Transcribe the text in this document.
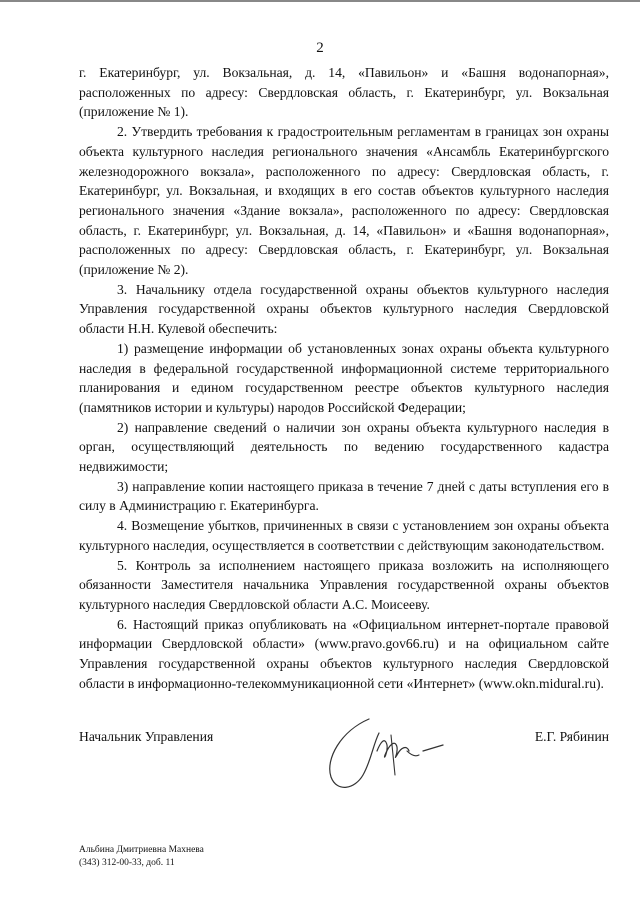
2

г. Екатеринбург, ул. Вокзальная, д. 14, «Павильон» и «Башня водонапорная», расположенных по адресу: Свердловская область, г. Екатеринбург, ул. Вокзальная (приложение № 1).

2. Утвердить требования к градостроительным регламентам в границах зон охраны объекта культурного наследия регионального значения «Ансамбль Екатеринбургского железнодорожного вокзала», расположенного по адресу: Свердловская область, г. Екатеринбург, ул. Вокзальная, и входящих в его состав объектов культурного наследия регионального значения «Здание вокзала», расположенного по адресу: Свердловская область, г. Екатеринбург, ул. Вокзальная, д. 14, «Павильон» и «Башня водонапорная», расположенных по адресу: Свердловская область, г. Екатеринбург, ул. Вокзальная (приложение № 2).

3. Начальнику отдела государственной охраны объектов культурного наследия Управления государственной охраны объектов культурного наследия Свердловской области Н.Н. Кулевой обеспечить:

1) размещение информации об установленных зонах охраны объекта культурного наследия в федеральной государственной информационной системе территориального планирования и едином государственном реестре объектов культурного наследия (памятников истории и культуры) народов Российской Федерации;

2) направление сведений о наличии зон охраны объекта культурного наследия в орган, осуществляющий деятельность по ведению государственного кадастра недвижимости;

3) направление копии настоящего приказа в течение 7 дней с даты вступления его в силу в Администрацию г. Екатеринбурга.

4. Возмещение убытков, причиненных в связи с установлением зон охраны объекта культурного наследия, осуществляется в соответствии с действующим законодательством.

5. Контроль за исполнением настоящего приказа возложить на исполняющего обязанности Заместителя начальника Управления государственной охраны объектов культурного наследия Свердловской области А.С. Моисееву.

6. Настоящий приказ опубликовать на «Официальном интернет-портале правовой информации Свердловской области» (www.pravo.gov66.ru) и на официальном сайте Управления государственной охраны объектов культурного наследия Свердловской области в информационно-телекоммуникационной сети «Интернет» (www.okn.midural.ru).

Начальник Управления	Е.Г. Рябинин
Альбина Дмитриевна Махнева
(343) 312-00-33, доб. 11
